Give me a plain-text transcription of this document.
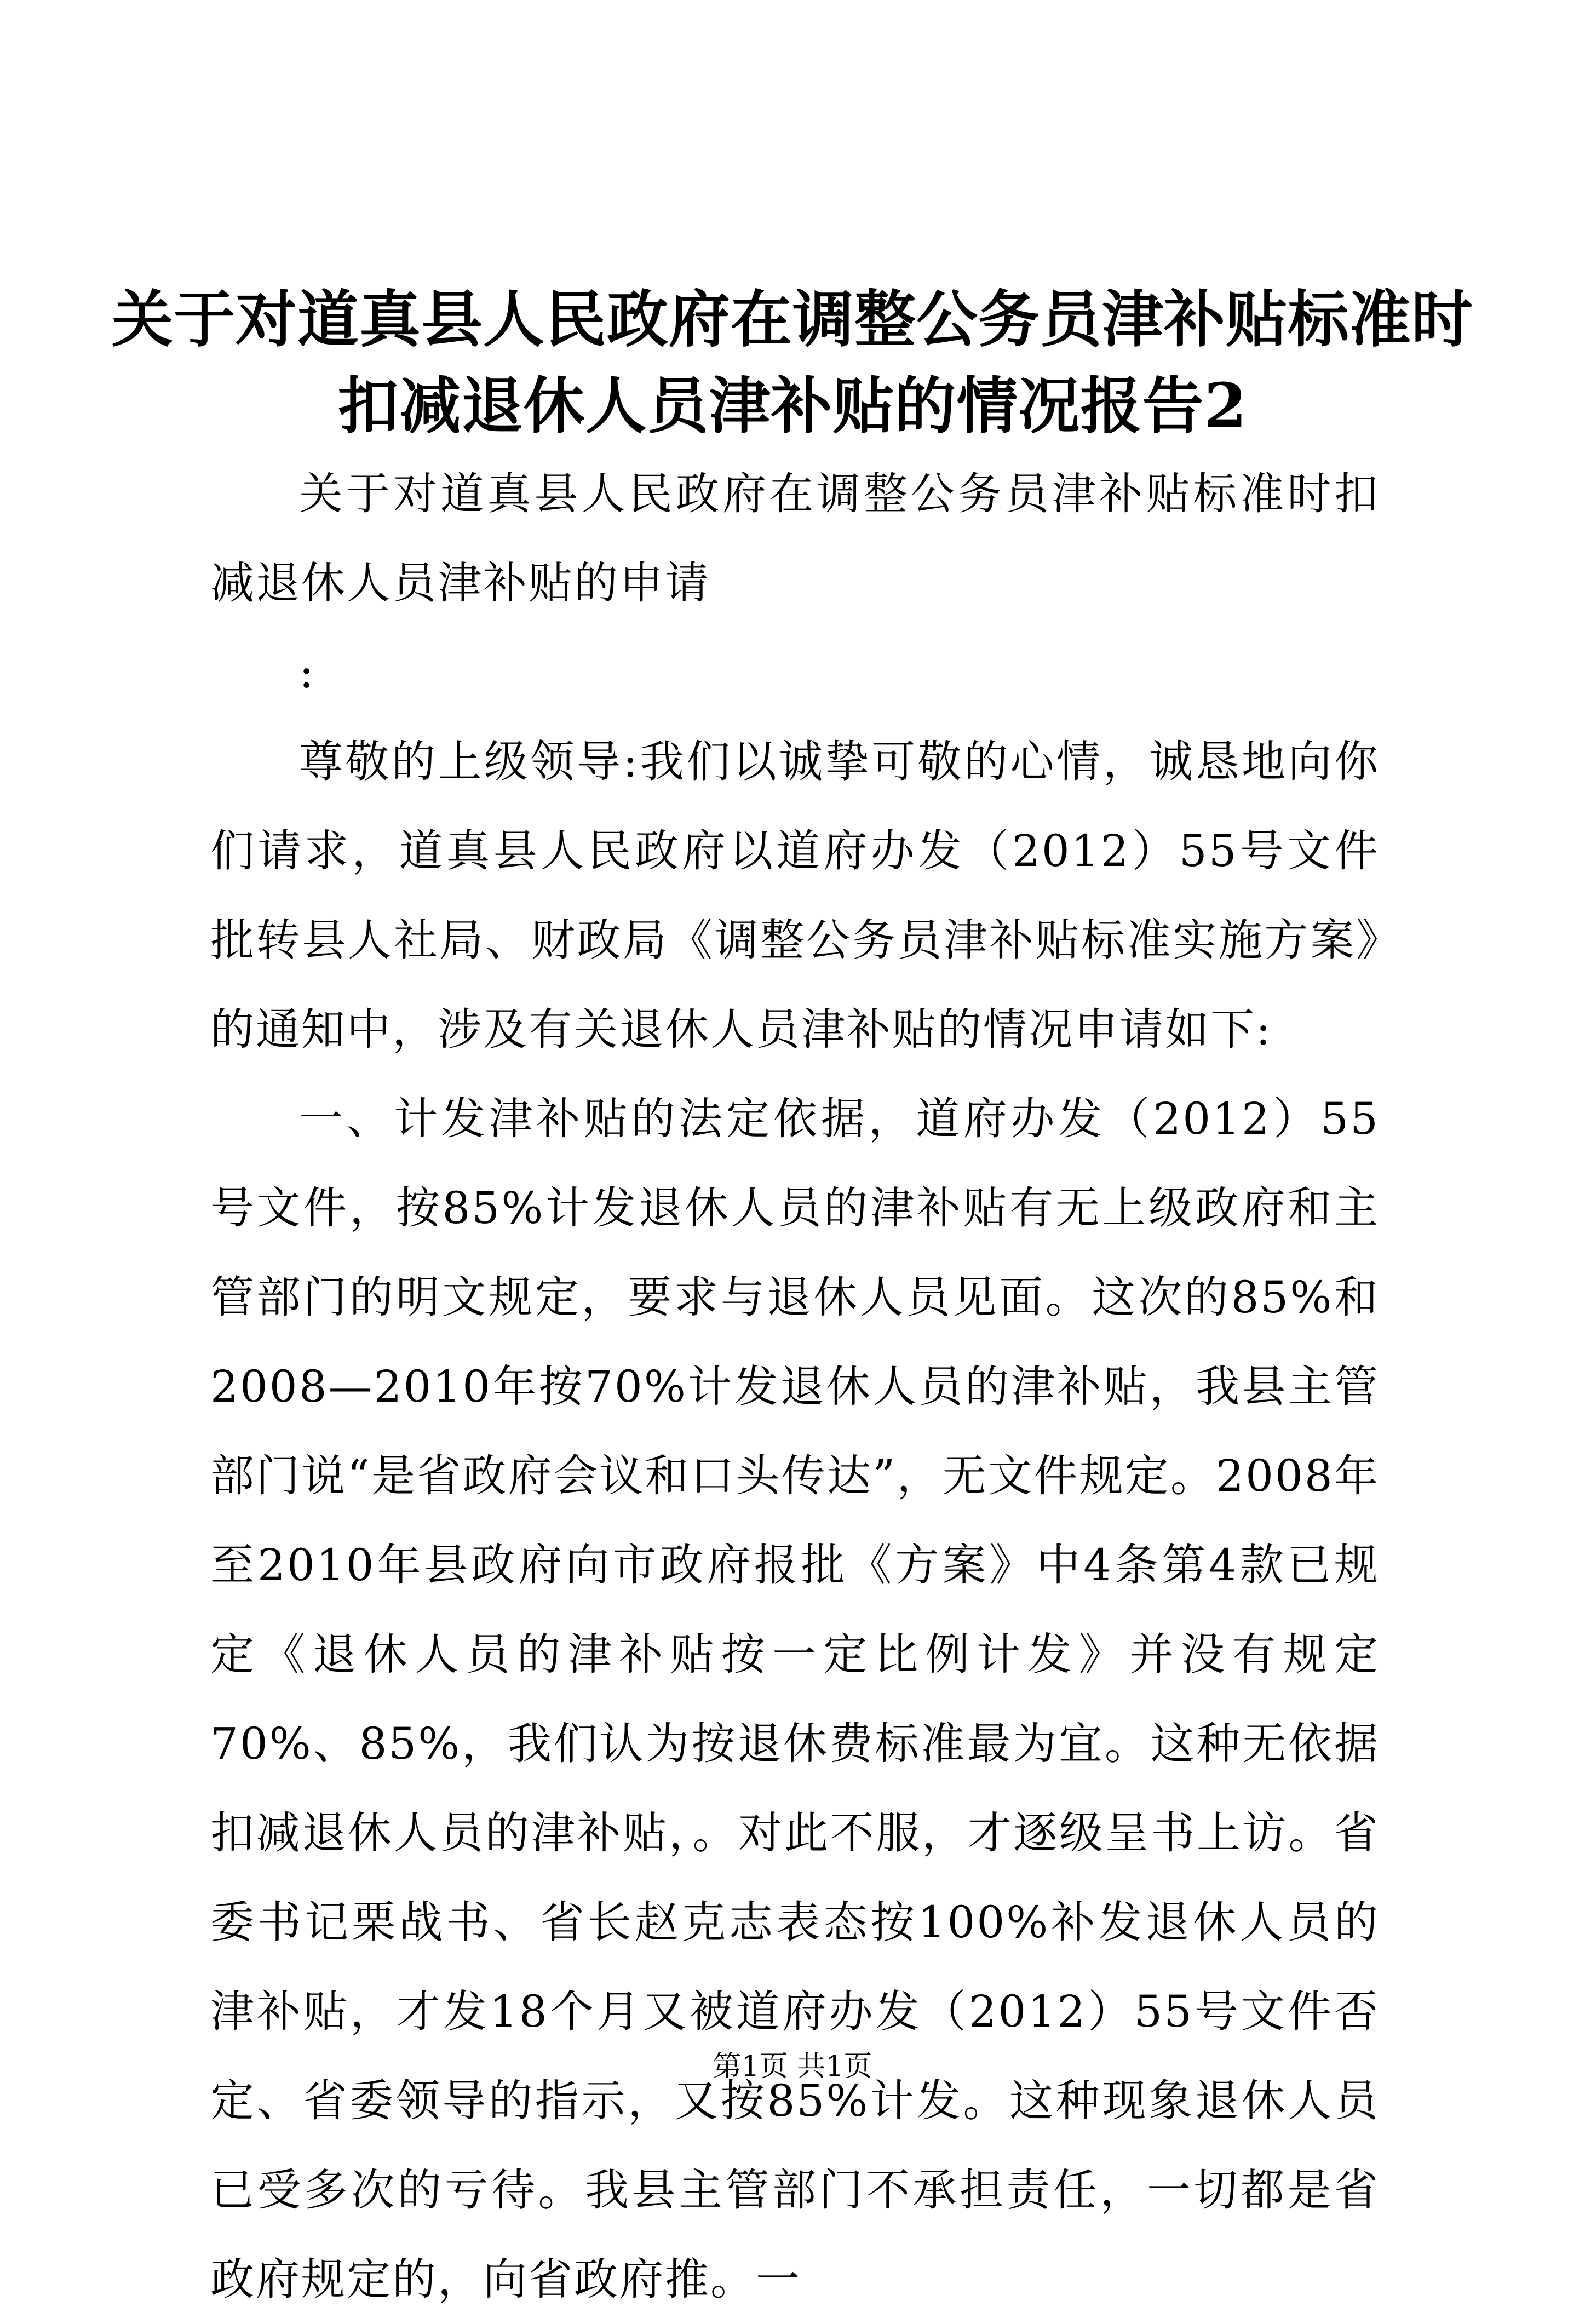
关于对道真县人民政府在调整公务员津补贴标准时扣减退休人员津补贴的情况报告2

关于对道真县人民政府在调整公务员津补贴标准时扣减退休人员津补贴的申请

:

尊敬的上级领导:我们以诚挚可敬的心情，诚恳地向你们请求，道真县人民政府以道府办发（2012）55号文件批转县人社局、财政局《调整公务员津补贴标准实施方案》的通知中，涉及有关退休人员津补贴的情况申请如下:

一、计发津补贴的法定依据，道府办发（2012）55号文件，按85%计发退休人员的津补贴有无上级政府和主管部门的明文规定，要求与退休人员见面。这次的85%和2008—2010年按70%计发退休人员的津补贴，我县主管部门说“是省政府会议和口头传达”，无文件规定。2008年至2010年县政府向市政府报批《方案》中4条第4款已规定《退休人员的津补贴按一定比例计发》并没有规定70%、85%，我们认为按退休费标准最为宜。这种无依据扣减退休人员的津补贴，。对此不服，才逐级呈书上访。省委书记栗战书、省长赵克志表态按100%补发退休人员的津补贴，才发18个月又被道府办发（2012）55号文件否定、省委领导的指示，又按85%计发。这种现象退休人员已受多次的亏待。我县主管部门不承担责任，一切都是省政府规定的，向省政府推。一

第1页 共1页
